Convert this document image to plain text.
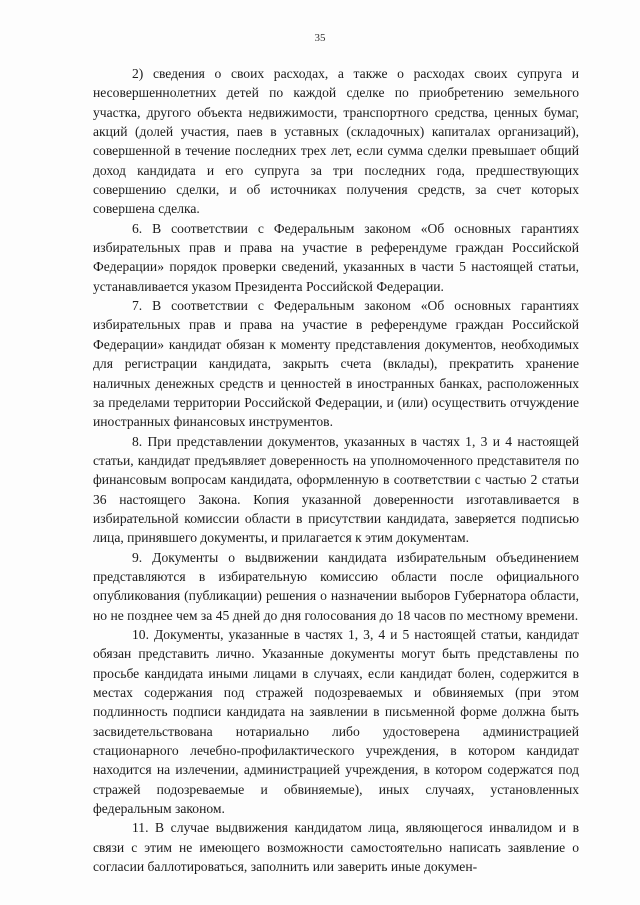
35

2) сведения о своих расходах, а также о расходах своих супруга и несовершеннолетних детей по каждой сделке по приобретению земельного участка, другого объекта недвижимости, транспортного средства, ценных бумаг, акций (долей участия, паев в уставных (складочных) капиталах организаций), совершенной в течение последних трех лет, если сумма сделки превышает общий доход кандидата и его супруга за три последних года, предшествующих совершению сделки, и об источниках получения средств, за счет которых совершена сделка.

6. В соответствии с Федеральным законом «Об основных гарантиях избирательных прав и права на участие в референдуме граждан Российской Федерации» порядок проверки сведений, указанных в части 5 настоящей статьи, устанавливается указом Президента Российской Федерации.

7. В соответствии с Федеральным законом «Об основных гарантиях избирательных прав и права на участие в референдуме граждан Российской Федерации» кандидат обязан к моменту представления документов, необходимых для регистрации кандидата, закрыть счета (вклады), прекратить хранение наличных денежных средств и ценностей в иностранных банках, расположенных за пределами территории Российской Федерации, и (или) осуществить отчуждение иностранных финансовых инструментов.

8. При представлении документов, указанных в частях 1, 3 и 4 настоящей статьи, кандидат предъявляет доверенность на уполномоченного представителя по финансовым вопросам кандидата, оформленную в соответствии с частью 2 статьи 36 настоящего Закона. Копия указанной доверенности изготавливается в избирательной комиссии области в присутствии кандидата, заверяется подписью лица, принявшего документы, и прилагается к этим документам.

9. Документы о выдвижении кандидата избирательным объединением представляются в избирательную комиссию области после официального опубликования (публикации) решения о назначении выборов Губернатора области, но не позднее чем за 45 дней до дня голосования до 18 часов по местному времени.

10. Документы, указанные в частях 1, 3, 4 и 5 настоящей статьи, кандидат обязан представить лично. Указанные документы могут быть представлены по просьбе кандидата иными лицами в случаях, если кандидат болен, содержится в местах содержания под стражей подозреваемых и обвиняемых (при этом подлинность подписи кандидата на заявлении в письменной форме должна быть засвидетельствована нотариально либо удостоверена администрацией стационарного лечебно-профилактического учреждения, в котором кандидат находится на излечении, администрацией учреждения, в котором содержатся под стражей подозреваемые и обвиняемые), иных случаях, установленных федеральным законом.

11. В случае выдвижения кандидатом лица, являющегося инвалидом и в связи с этим не имеющего возможности самостоятельно написать заявление о согласии баллотироваться, заполнить или заверить иные докумен-
